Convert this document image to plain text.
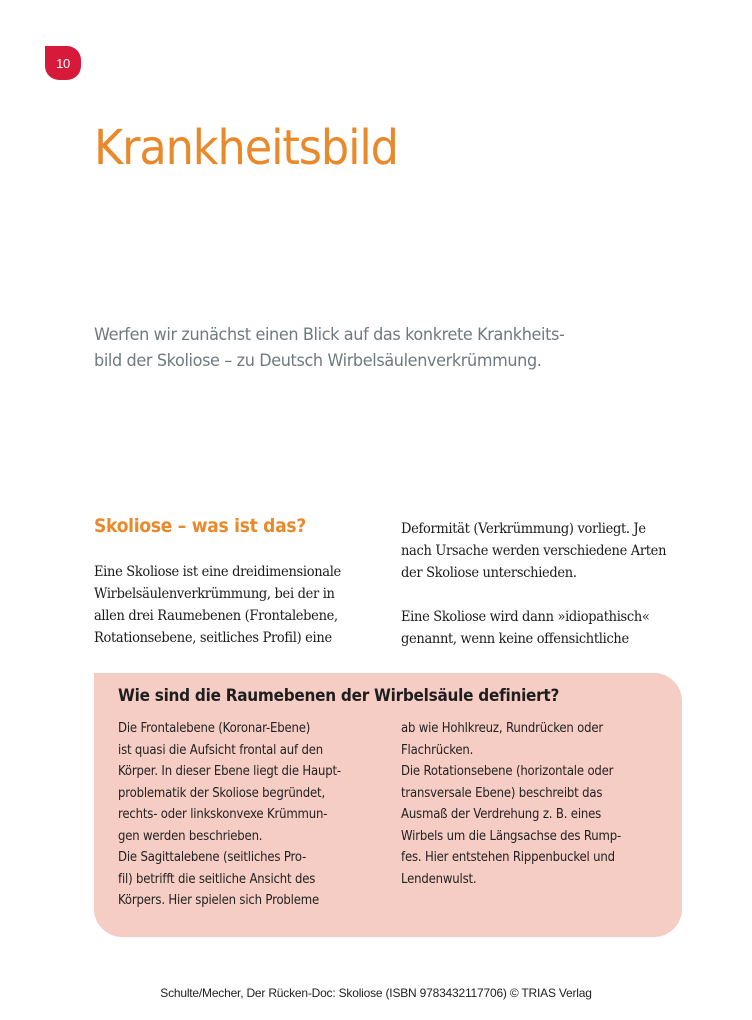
10
Krankheitsbild

Werfen wir zunächst einen Blick auf das konkrete Krankheits-
bild der Skoliose – zu Deutsch Wirbelsäulenverkrümmung.

Skoliose – was ist das?
Eine Skoliose ist eine dreidimensionale
Wirbelsäulenverkrümmung, bei der in
allen drei Raumebenen (Frontalebene,
Rotationsebene, seitliches Profil) eine
Deformität (Verkrümmung) vorliegt. Je
nach Ursache werden verschiedene Arten
der Skoliose unterschieden.
Eine Skoliose wird dann »idiopathisch«
genannt, wenn keine offensichtliche
Wie sind die Raumebenen der Wirbelsäule definiert?
Die Frontalebene (Koronar-Ebene)
ist quasi die Aufsicht frontal auf den
Körper. In dieser Ebene liegt die Haupt-
problematik der Skoliose begründet,
rechts- oder linkskonvexe Krümmun-
gen werden beschrieben.
Die Sagittalebene (seitliches Pro-
fil) betrifft die seitliche Ansicht des
Körpers. Hier spielen sich Probleme
ab wie Hohlkreuz, Rundrücken oder
Flachrücken.
Die Rotationsebene (horizontale oder
transversale Ebene) beschreibt das
Ausmaß der Verdrehung z. B. eines
Wirbels um die Längsachse des Rump-
fes. Hier entstehen Rippenbuckel und
Lendenwulst.
Schulte/Mecher, Der Rücken-Doc: Skoliose (ISBN 9783432117706) © TRIAS Verlag
